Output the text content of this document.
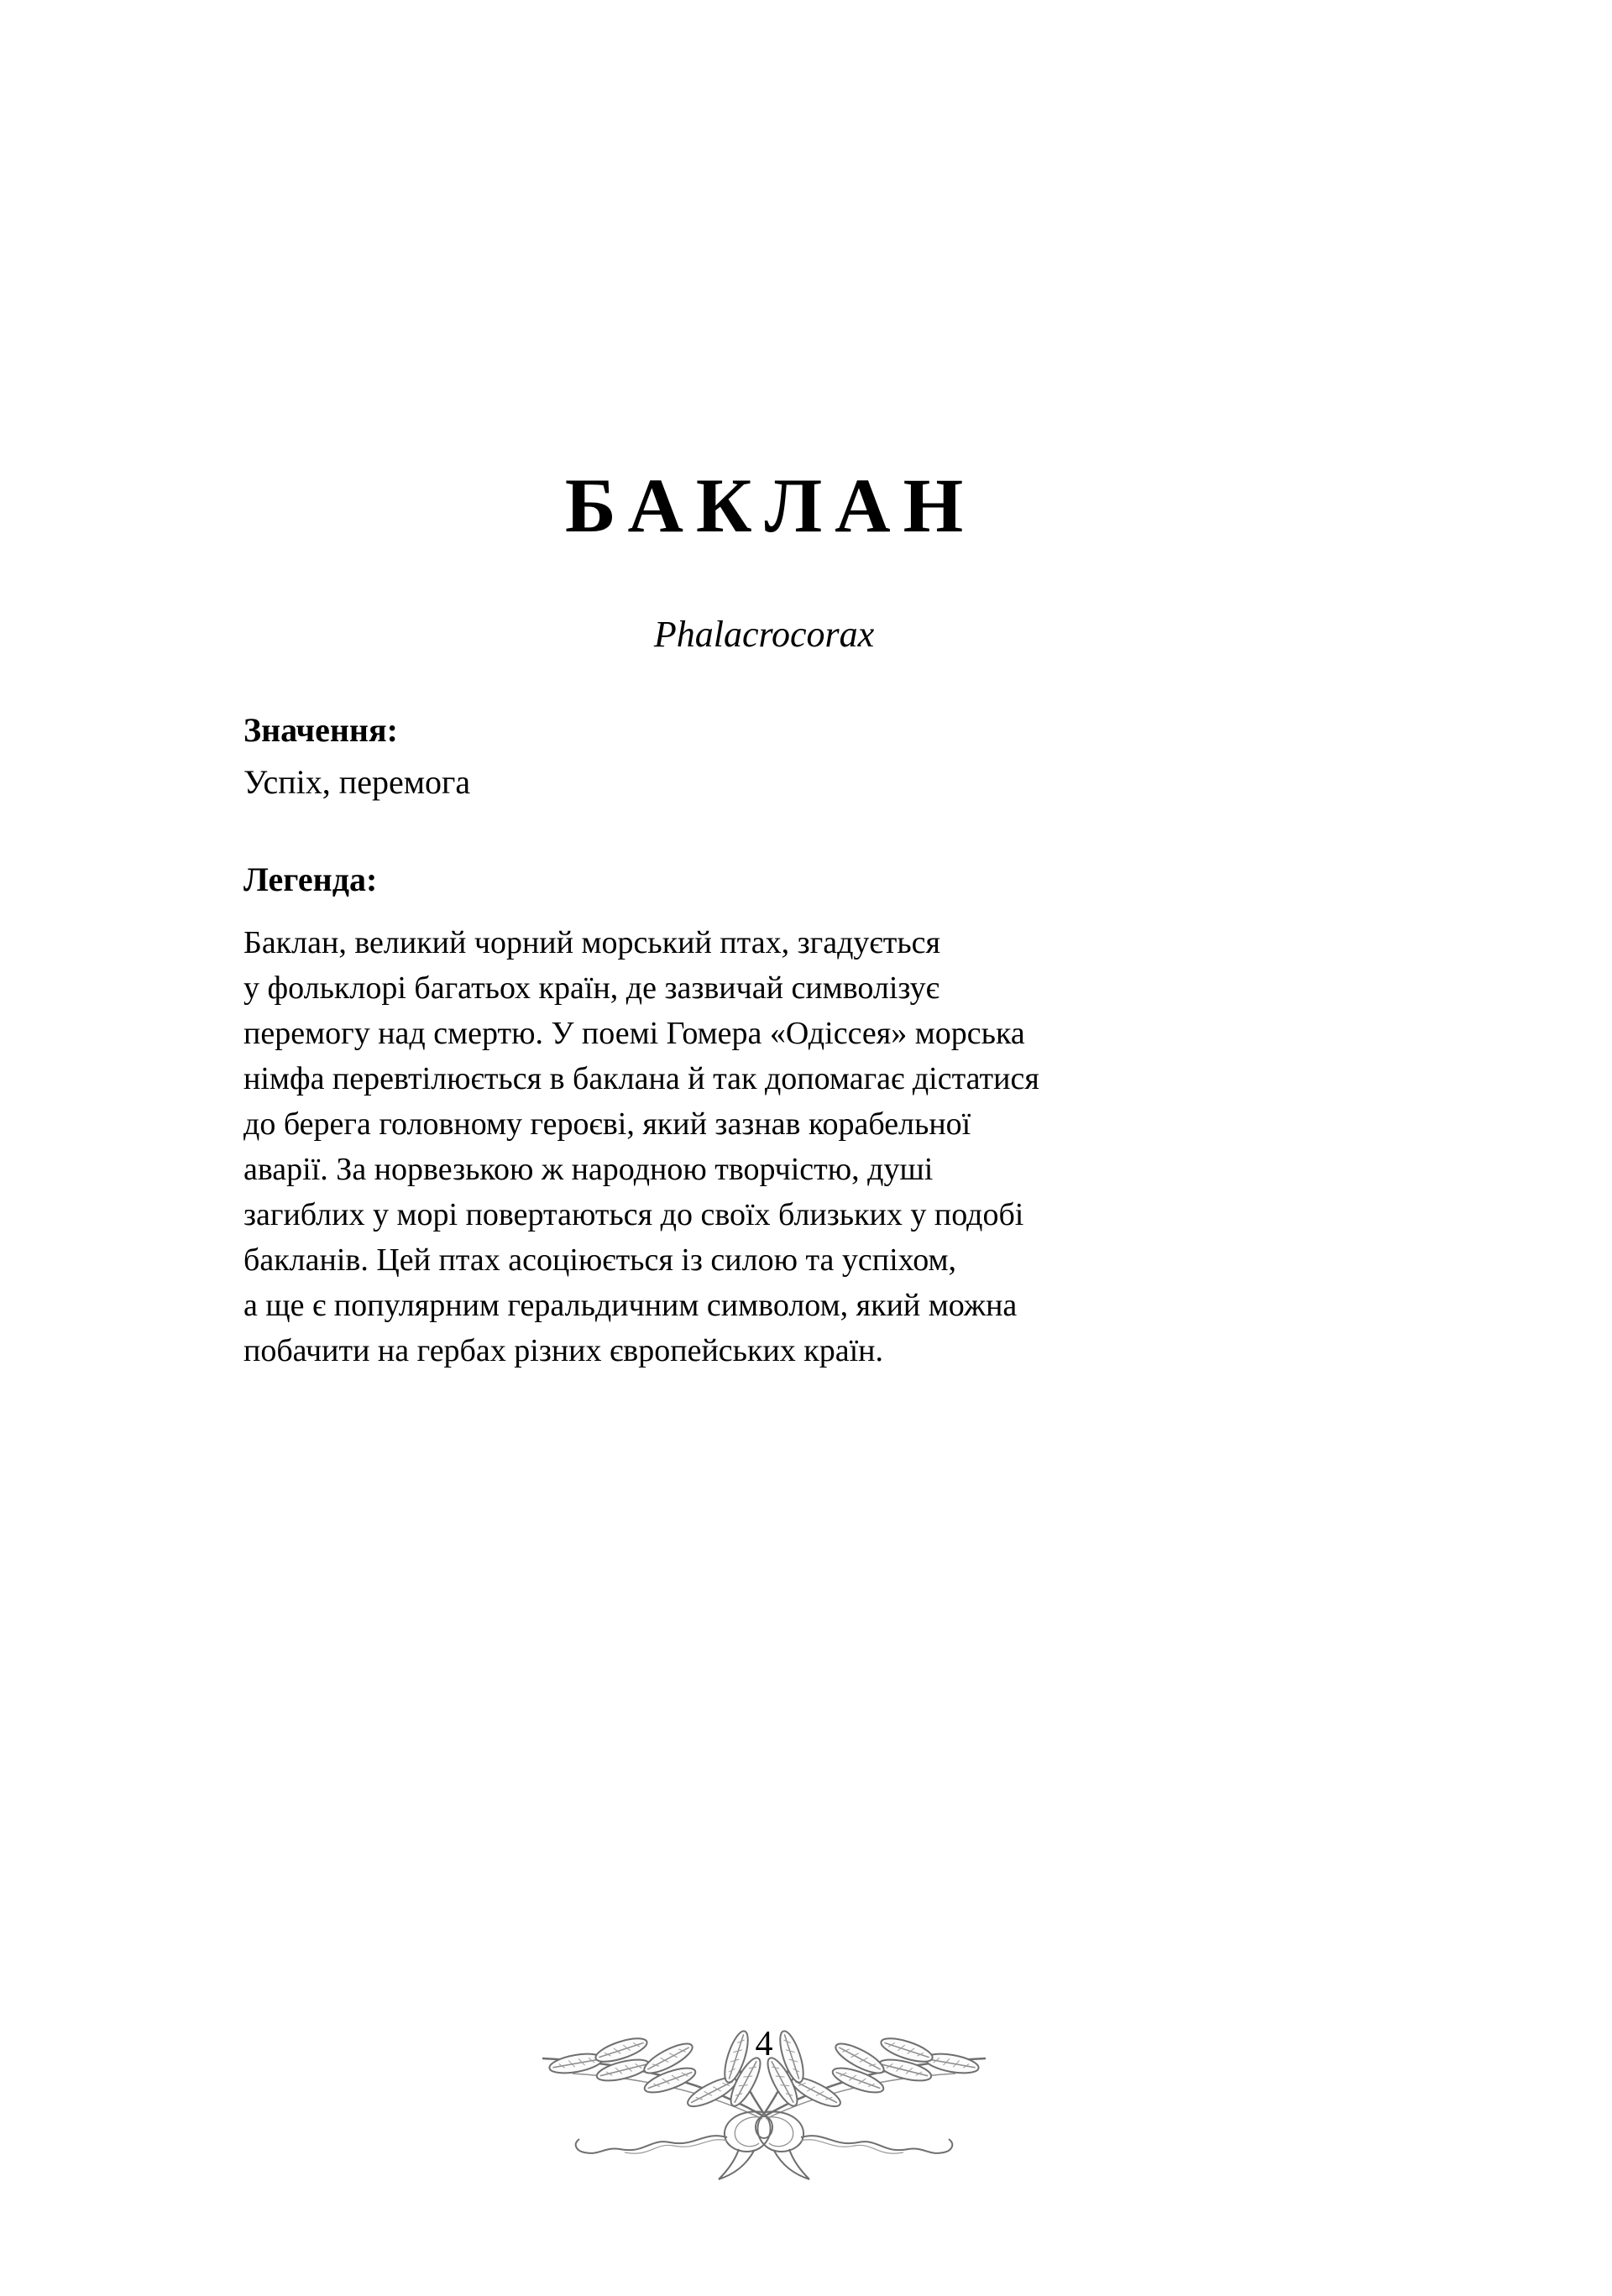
БАКЛАН

Phalacrocorax

Значення:

Успіх, перемога

Легенда:

Баклан, великий чорний морський птах, згадується
у фольклорі багатьох країн, де зазвичай символізує
перемогу над смертю. У поемі Гомера «Одіссея» морська
німфа перевтілюється в баклана й так допомагає дістатися
до берега головному героєві, який зазнав корабельної
аварії. За норвезькою ж народною творчістю, душі
загиблих у морі повертаються до своїх близьких у подобі
бакланів. Цей птах асоціюється із силою та успіхом,
а ще є популярним геральдичним символом, який можна
побачити на гербах різних європейських країн.

4
